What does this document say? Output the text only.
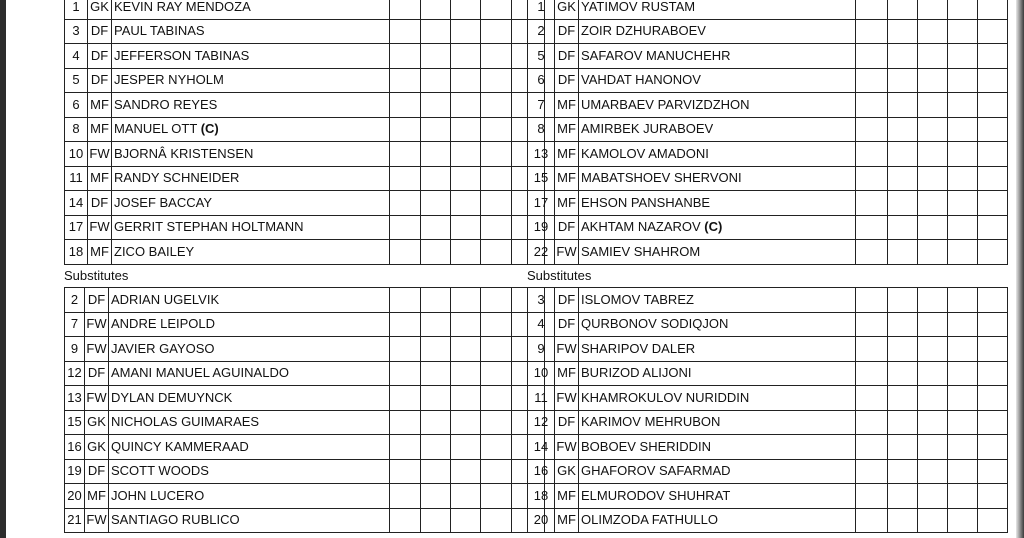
1	GK	KEVIN RAY MENDOZA					
3	DF	PAUL TABINAS					
4	DF	JEFFERSON TABINAS					
5	DF	JESPER NYHOLM					
6	MF	SANDRO REYES					
8	MF	MANUEL OTT (C)					
10	FW	BJORNÂ KRISTENSEN					
11	MF	RANDY SCHNEIDER					
14	DF	JOSEF BACCAY					
17	FW	GERRIT STEPHAN HOLTMANN					
18	MF	ZICO BAILEY					
1	GK	YATIMOV RUSTAM					
2	DF	ZOIR DZHURABOEV					
5	DF	SAFAROV MANUCHEHR					
6	DF	VAHDAT HANONOV					
7	MF	UMARBAEV PARVIZDZHON					
8	MF	AMIRBEK JURABOEV					
13	MF	KAMOLOV AMADONI					
15	MF	MABATSHOEV SHERVONI					
17	MF	EHSON PANSHANBE					
19	DF	AKHTAM NAZAROV (C)					
22	FW	SAMIEV SHAHROM					
Substitutes	Substitutes
2	DF	ADRIAN UGELVIK					
7	FW	ANDRE LEIPOLD					
9	FW	JAVIER GAYOSO					
12	DF	AMANI MANUEL AGUINALDO					
13	FW	DYLAN DEMUYNCK					
15	GK	NICHOLAS GUIMARAES					
16	GK	QUINCY KAMMERAAD					
19	DF	SCOTT WOODS					
20	MF	JOHN LUCERO					
21	FW	SANTIAGO RUBLICO					
3	DF	ISLOMOV TABREZ					
4	DF	QURBONOV SODIQJON					
9	FW	SHARIPOV DALER					
10	MF	BURIZOD ALIJONI					
11	FW	KHAMROKULOV NURIDDIN					
12	DF	KARIMOV MEHRUBON					
14	FW	BOBOEV SHERIDDIN					
16	GK	GHAFOROV SAFARMAD					
18	MF	ELMURODOV SHUHRAT					
20	MF	OLIMZODA FATHULLO					
